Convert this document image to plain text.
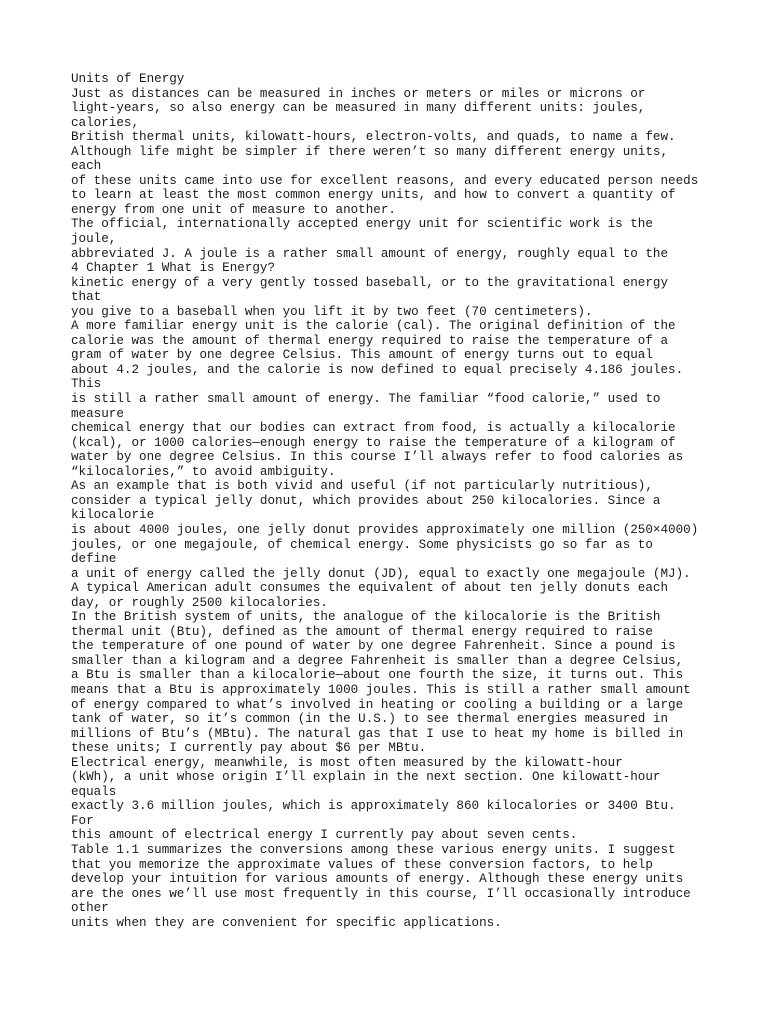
Units of Energy
Just as distances can be measured in inches or meters or miles or microns or
light-years, so also energy can be measured in many different units: joules,
calories,
British thermal units, kilowatt-hours, electron-volts, and quads, to name a few.
Although life might be simpler if there weren’t so many different energy units,
each
of these units came into use for excellent reasons, and every educated person needs
to learn at least the most common energy units, and how to convert a quantity of
energy from one unit of measure to another.
The official, internationally accepted energy unit for scientific work is the
joule,
abbreviated J. A joule is a rather small amount of energy, roughly equal to the
4 Chapter 1 What is Energy?
kinetic energy of a very gently tossed baseball, or to the gravitational energy
that
you give to a baseball when you lift it by two feet (70 centimeters).
A more familiar energy unit is the calorie (cal). The original definition of the
calorie was the amount of thermal energy required to raise the temperature of a
gram of water by one degree Celsius. This amount of energy turns out to equal
about 4.2 joules, and the calorie is now defined to equal precisely 4.186 joules.
This
is still a rather small amount of energy. The familiar “food calorie,” used to
measure
chemical energy that our bodies can extract from food, is actually a kilocalorie
(kcal), or 1000 calories—enough energy to raise the temperature of a kilogram of
water by one degree Celsius. In this course I’ll always refer to food calories as
“kilocalories,” to avoid ambiguity.
As an example that is both vivid and useful (if not particularly nutritious),
consider a typical jelly donut, which provides about 250 kilocalories. Since a
kilocalorie
is about 4000 joules, one jelly donut provides approximately one million (250×4000)
joules, or one megajoule, of chemical energy. Some physicists go so far as to
define
a unit of energy called the jelly donut (JD), equal to exactly one megajoule (MJ).
A typical American adult consumes the equivalent of about ten jelly donuts each
day, or roughly 2500 kilocalories.
In the British system of units, the analogue of the kilocalorie is the British
thermal unit (Btu), defined as the amount of thermal energy required to raise
the temperature of one pound of water by one degree Fahrenheit. Since a pound is
smaller than a kilogram and a degree Fahrenheit is smaller than a degree Celsius,
a Btu is smaller than a kilocalorie—about one fourth the size, it turns out. This
means that a Btu is approximately 1000 joules. This is still a rather small amount
of energy compared to what’s involved in heating or cooling a building or a large
tank of water, so it’s common (in the U.S.) to see thermal energies measured in
millions of Btu’s (MBtu). The natural gas that I use to heat my home is billed in
these units; I currently pay about $6 per MBtu.
Electrical energy, meanwhile, is most often measured by the kilowatt-hour
(kWh), a unit whose origin I’ll explain in the next section. One kilowatt-hour
equals
exactly 3.6 million joules, which is approximately 860 kilocalories or 3400 Btu.
For
this amount of electrical energy I currently pay about seven cents.
Table 1.1 summarizes the conversions among these various energy units. I suggest
that you memorize the approximate values of these conversion factors, to help
develop your intuition for various amounts of energy. Although these energy units
are the ones we’ll use most frequently in this course, I’ll occasionally introduce
other
units when they are convenient for specific applications.
